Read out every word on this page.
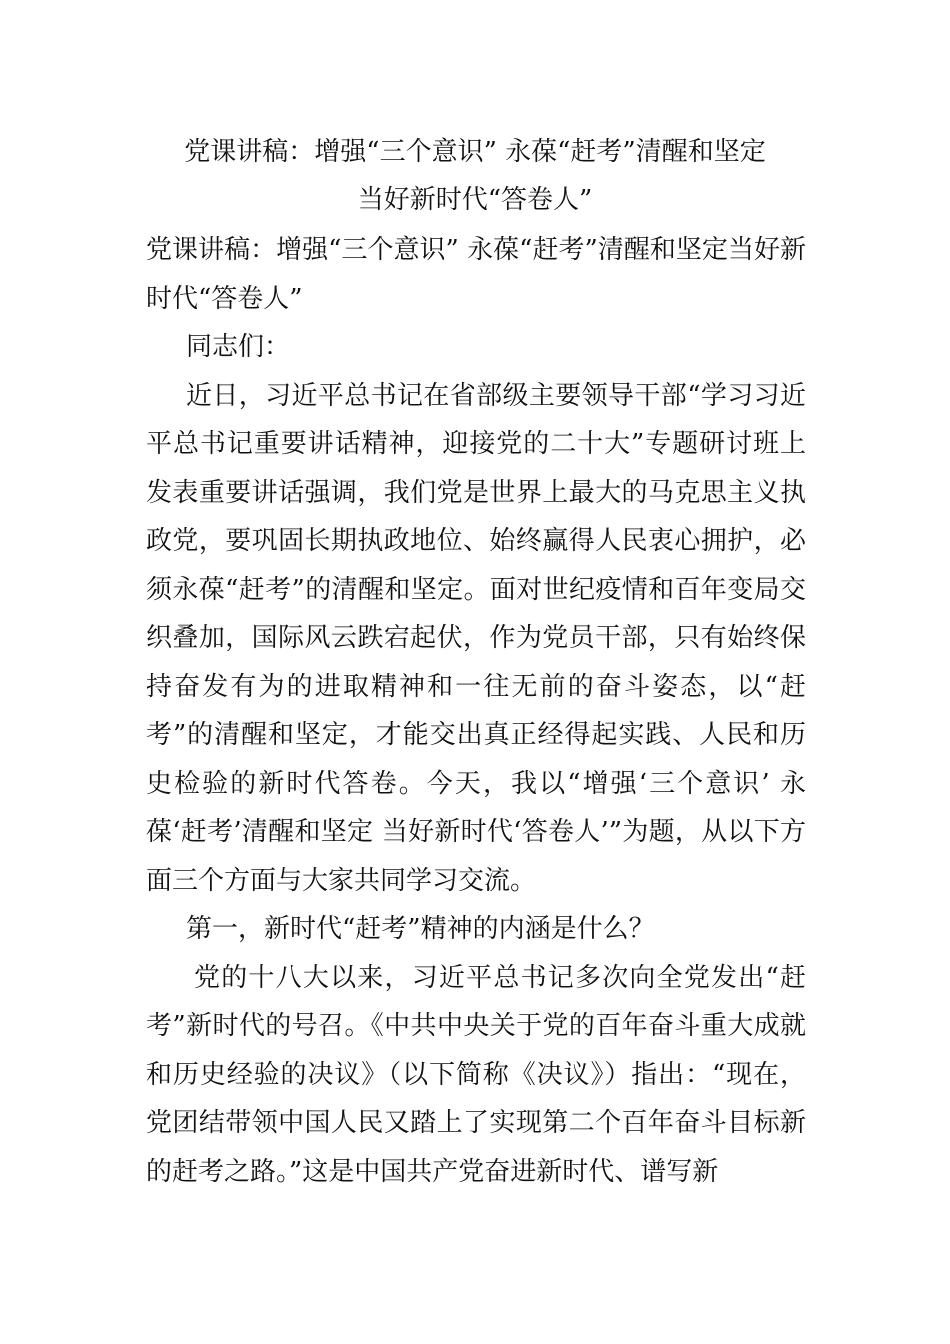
党课讲稿：增强“三个意识” 永葆“赶考”清醒和坚定
当好新时代“答卷人”

党课讲稿：增强“三个意识” 永葆“赶考”清醒和坚定当好新时代“答卷人”

同志们：

近日，习近平总书记在省部级主要领导干部“学习习近平总书记重要讲话精神，迎接党的二十大”专题研讨班上发表重要讲话强调，我们党是世界上最大的马克思主义执政党，要巩固长期执政地位、始终赢得人民衷心拥护，必须永葆“赶考”的清醒和坚定。面对世纪疫情和百年变局交织叠加，国际风云跌宕起伏，作为党员干部，只有始终保持奋发有为的进取精神和一往无前的奋斗姿态，以“赶考”的清醒和坚定，才能交出真正经得起实践、人民和历史检验的新时代答卷。今天，我以“增强‘三个意识’ 永葆‘赶考’清醒和坚定 当好新时代‘答卷人’”为题，从以下方面三个方面与大家共同学习交流。

第一，新时代“赶考”精神的内涵是什么？

党的十八大以来，习近平总书记多次向全党发出“赶考”新时代的号召。《中共中央关于党的百年奋斗重大成就和历史经验的决议》（以下简称《决议》）指出：“现在，党团结带领中国人民又踏上了实现第二个百年奋斗目标新的赶考之路。”这是中国共产党奋进新时代、谱写新
